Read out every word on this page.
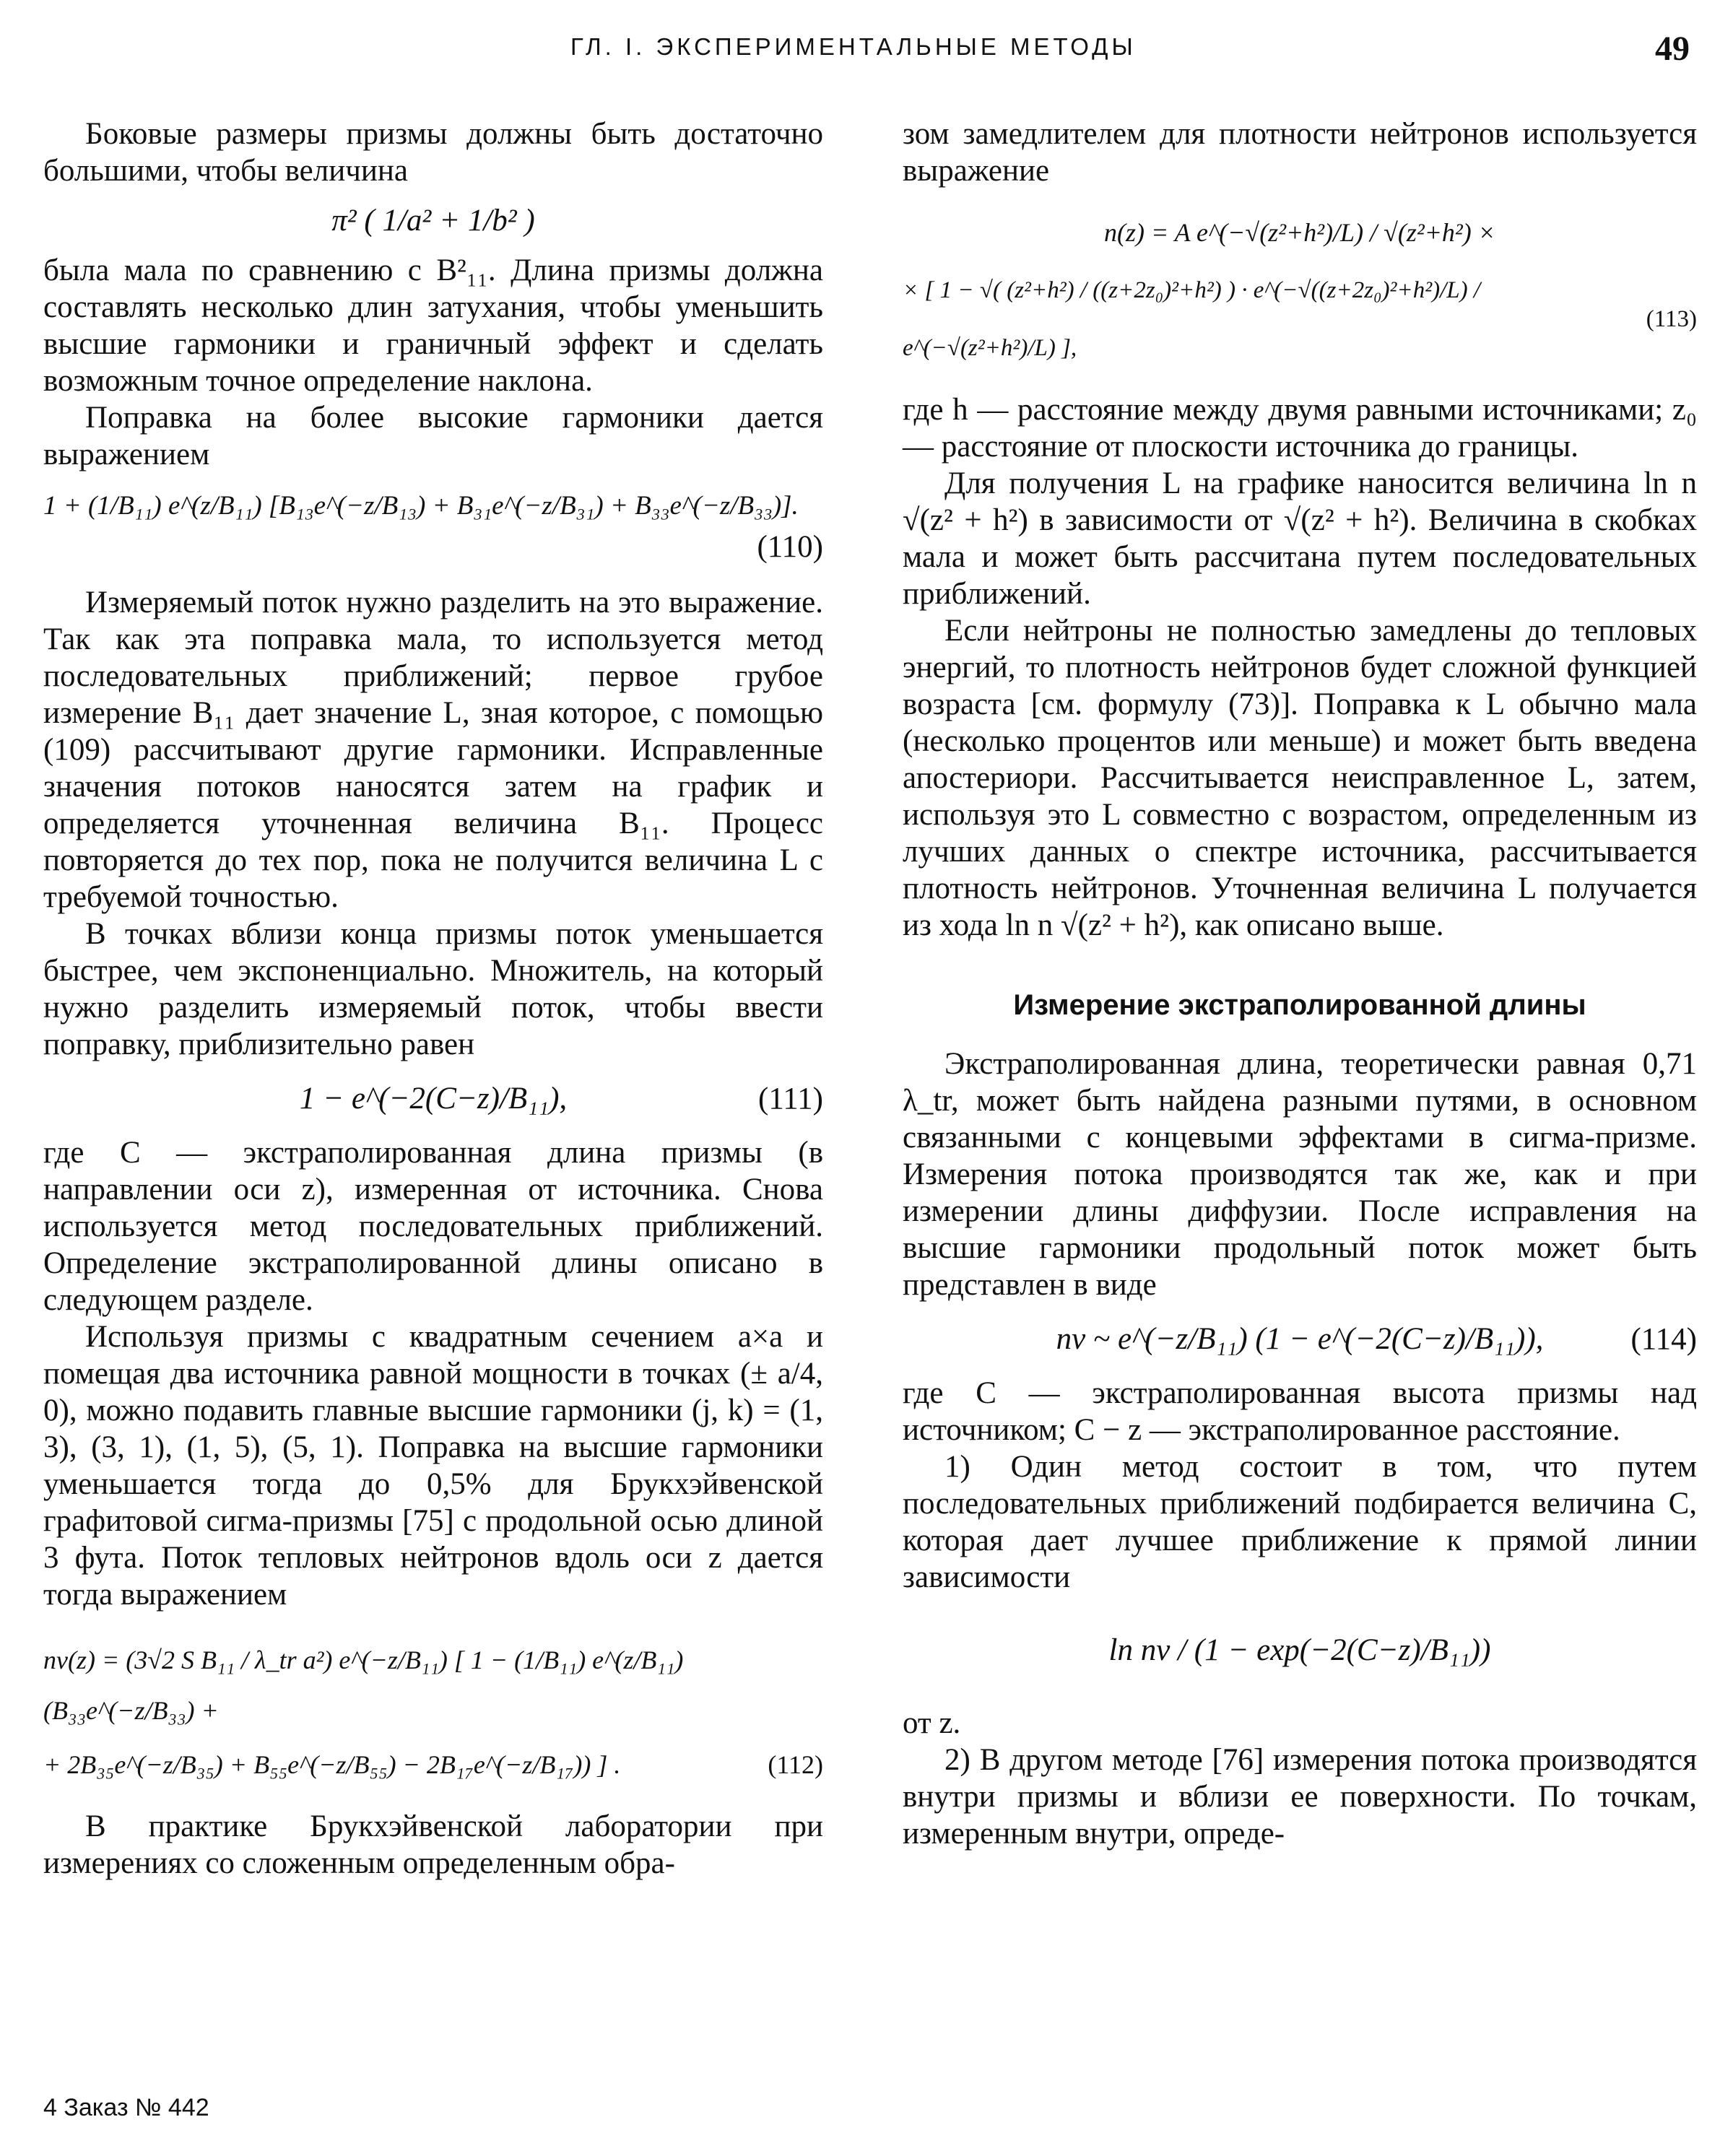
ГЛ. I. ЭКСПЕРИМЕНТАЛЬНЫЕ МЕТОДЫ	49

Боковые размеры призмы должны быть достаточно большими, чтобы величина

π² ( 1/a² + 1/b² )

была мала по сравнению с B²₁₁. Длина призмы должна составлять несколько длин затухания, чтобы уменьшить высшие гармоники и граничный эффект и сделать возможным точное определение наклона.

Поправка на более высокие гармоники дается выражением

1 + (1/B₁₁) e^(z/B₁₁) [B₁₃e^(−z/B₁₃) + B₃₁e^(−z/B₃₁) + B₃₃e^(−z/B₃₃)].
(110)

Измеряемый поток нужно разделить на это выражение. Так как эта поправка мала, то используется метод последовательных приближений; первое грубое измерение B₁₁ дает значение L, зная которое, с помощью (109) рассчитывают другие гармоники. Исправленные значения потоков наносятся затем на график и определяется уточненная величина B₁₁. Процесс повторяется до тех пор, пока не получится величина L с требуемой точностью.

В точках вблизи конца призмы поток уменьшается быстрее, чем экспоненциально. Множитель, на который нужно разделить измеряемый поток, чтобы ввести поправку, приблизительно равен

1 − e^(−2(C−z)/B₁₁),	(111)

где C — экстраполированная длина призмы (в направлении оси z), измеренная от источника. Снова используется метод последовательных приближений. Определение экстраполированной длины описано в следующем разделе.

Используя призмы с квадратным сечением a×a и помещая два источника равной мощности в точках (± a/4, 0), можно подавить главные высшие гармоники (j, k) = (1, 3), (3, 1), (1, 5), (5, 1). Поправка на высшие гармоники уменьшается тогда до 0,5% для Брукхэйвенской графитовой сигма-призмы [75] с продольной осью длиной 3 фута. Поток тепловых нейтронов вдоль оси z дается тогда выражением

nv(z) = (3√2 S B₁₁ / λ_tr a²) e^(−z/B₁₁) [ 1 − (1/B₁₁) e^(z/B₁₁)(B₃₃e^(−z/B₃₃) +
+ 2B₃₅e^(−z/B₃₅) + B₅₅e^(−z/B₅₅) − 2B₁₇e^(−z/B₁₇)) ] .	(112)

В практике Брукхэйвенской лаборатории при измерениях со сложенным определенным обра-

зом замедлителем для плотности нейтронов используется выражение

n(z) = A e^(−√(z²+h²)/L) / √(z²+h²) ×
× [ 1 − √( (z²+h²) / ((z+2z₀)²+h²) ) · e^(−√((z+2z₀)²+h²)/L) / e^(−√(z²+h²)/L) ],
(113)

где h — расстояние между двумя равными источниками; z₀ — расстояние от плоскости источника до границы.

Для получения L на графике наносится величина ln n √(z² + h²) в зависимости от √(z² + h²). Величина в скобках мала и может быть рассчитана путем последовательных приближений.

Если нейтроны не полностью замедлены до тепловых энергий, то плотность нейтронов будет сложной функцией возраста [см. формулу (73)]. Поправка к L обычно мала (несколько процентов или меньше) и может быть введена апостериори. Рассчитывается неисправленное L, затем, используя это L совместно с возрастом, определенным из лучших данных о спектре источника, рассчитывается плотность нейтронов. Уточненная величина L получается из хода ln n √(z² + h²), как описано выше.

Измерение экстраполированной длины

Экстраполированная длина, теоретически равная 0,71 λ_tr, может быть найдена разными путями, в основном связанными с концевыми эффектами в сигма-призме. Измерения потока производятся так же, как и при измерении длины диффузии. После исправления на высшие гармоники продольный поток может быть представлен в виде

nv ~ e^(−z/B₁₁) (1 − e^(−2(C−z)/B₁₁)),	(114)

где C — экстраполированная высота призмы над источником; C − z — экстраполированное расстояние.

1) Один метод состоит в том, что путем последовательных приближений подбирается величина C, которая дает лучшее приближение к прямой линии зависимости

ln nv / (1 − exp(−2(C−z)/B₁₁))

от z.

2) В другом методе [76] измерения потока производятся внутри призмы и вблизи ее поверхности. По точкам, измеренным внутри, опреде-

4 Заказ № 442
